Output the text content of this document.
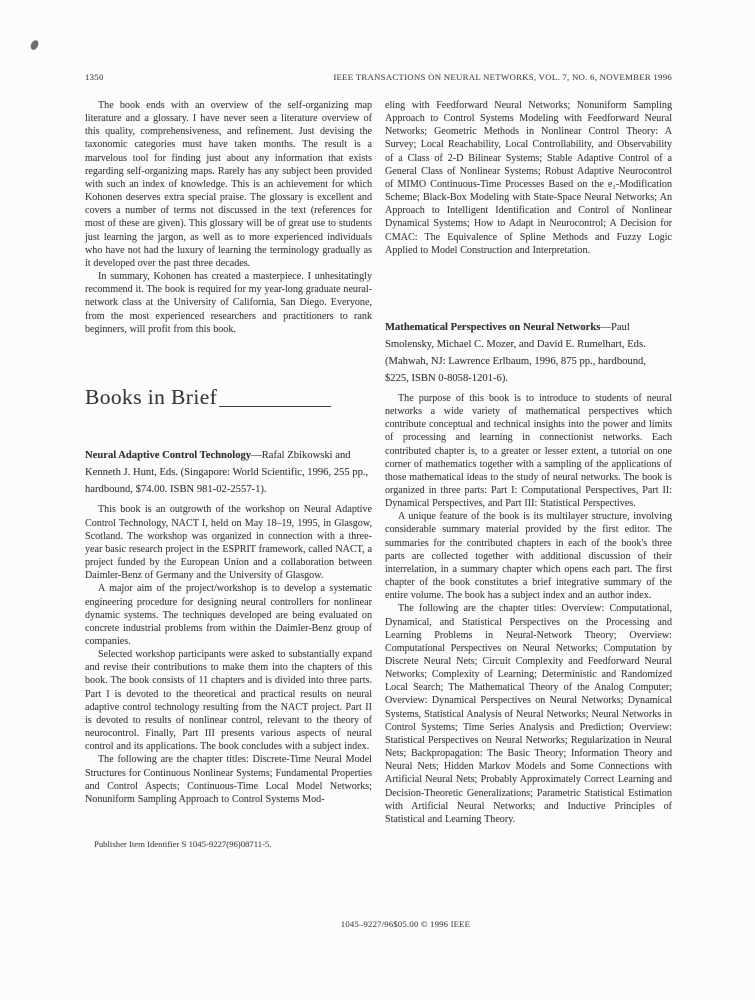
1350	IEEE TRANSACTIONS ON NEURAL NETWORKS, VOL. 7, NO. 6, NOVEMBER 1996

The book ends with an overview of the self-organizing map literature and a glossary. I have never seen a literature overview of this quality, comprehensiveness, and refinement. Just devising the taxonomic categories must have taken months. The result is a marvelous tool for finding just about any information that exists regarding self-organizing maps. Rarely has any subject been provided with such an index of knowledge. This is an achievement for which Kohonen deserves extra special praise. The glossary is excellent and covers a number of terms not discussed in the text (references for most of these are given). This glossary will be of great use to students just learning the jargon, as well as to more experienced individuals who have not had the luxury of learning the terminology gradually as it developed over the past three decades.

In summary, Kohonen has created a masterpiece. I unhesitatingly recommend it. The book is required for my year-long graduate neural-network class at the University of California, San Diego. Everyone, from the most experienced researchers and practitioners to rank beginners, will profit from this book.

Books in Brief

Neural Adaptive Control Technology—Rafal Zbikowski and Kenneth J. Hunt, Eds. (Singapore: World Scientific, 1996, 255 pp., hardbound, $74.00. ISBN 981-02-2557-1).

This book is an outgrowth of the workshop on Neural Adaptive Control Technology, NACT I, held on May 18–19, 1995, in Glasgow, Scotland. The workshop was organized in connection with a three-year basic research project in the ESPRIT framework, called NACT, a project funded by the European Union and a collaboration between Daimler-Benz of Germany and the University of Glasgow.

A major aim of the project/workshop is to develop a systematic engineering procedure for designing neural controllers for nonlinear dynamic systems. The techniques developed are being evaluated on concrete industrial problems from within the Daimler-Benz group of companies.

Selected workshop participants were asked to substantially expand and revise their contributions to make them into the chapters of this book. The book consists of 11 chapters and is divided into three parts. Part I is devoted to the theoretical and practical results on neural adaptive control technology resulting from the NACT project. Part II is devoted to results of nonlinear control, relevant to the theory of neurocontrol. Finally, Part III presents various aspects of neural control and its applications. The book concludes with a subject index.

The following are the chapter titles: Discrete-Time Neural Model Structures for Continuous Nonlinear Systems; Fundamental Properties and Control Aspects; Continuous-Time Local Model Networks; Nonuniform Sampling Approach to Control Systems Mod-

eling with Feedforward Neural Networks; Nonuniform Sampling Approach to Control Systems Modeling with Feedforward Neural Networks; Geometric Methods in Nonlinear Control Theory: A Survey; Local Reachability, Local Controllability, and Observability of a Class of 2-D Bilinear Systems; Stable Adaptive Control of a General Class of Nonlinear Systems; Robust Adaptive Neurocontrol of MIMO Continuous-Time Processes Based on the e₁-Modification Scheme; Black-Box Modeling with State-Space Neural Networks; An Approach to Intelligent Identification and Control of Nonlinear Dynamical Systems; How to Adapt in Neurocontrol; A Decision for CMAC: The Equivalence of Spline Methods and Fuzzy Logic Applied to Model Construction and Interpretation.

Mathematical Perspectives on Neural Networks—Paul Smolensky, Michael C. Mozer, and David E. Rumelhart, Eds. (Mahwah, NJ: Lawrence Erlbaum, 1996, 875 pp., hardbound, $225, ISBN 0-8058-1201-6).

The purpose of this book is to introduce to students of neural networks a wide variety of mathematical perspectives which contribute conceptual and technical insights into the power and limits of processing and learning in connectionist networks. Each contributed chapter is, to a greater or lesser extent, a tutorial on one corner of mathematics together with a sampling of the applications of those mathematical ideas to the study of neural networks. The book is organized in three parts: Part I: Computational Perspectives, Part II: Dynamical Perspectives, and Part III: Statistical Perspectives.

A unique feature of the book is its multilayer structure, involving considerable summary material provided by the first editor. The summaries for the contributed chapters in each of the book's three parts are collected together with additional discussion of their interrelation, in a summary chapter which opens each part. The first chapter of the book constitutes a brief integrative summary of the entire volume. The book has a subject index and an author index.

The following are the chapter titles: Overview: Computational, Dynamical, and Statistical Perspectives on the Processing and Learning Problems in Neural-Network Theory; Overview: Computational Perspectives on Neural Networks; Computation by Discrete Neural Nets; Circuit Complexity and Feedforward Neural Networks; Complexity of Learning; Deterministic and Randomized Local Search; The Mathematical Theory of the Analog Computer; Overview: Dynamical Perspectives on Neural Networks; Dynamical Systems, Statistical Analysis of Neural Networks; Neural Networks in Control Systems; Time Series Analysis and Prediction; Overview: Statistical Perspectives on Neural Networks; Regularization in Neural Nets; Backpropagation: The Basic Theory; Information Theory and Neural Nets; Hidden Markov Models and Some Connections with Artificial Neural Nets; Probably Approximately Correct Learning and Decision-Theoretic Generalizations; Parametric Statistical Estimation with Artificial Neural Networks; and Inductive Principles of Statistical and Learning Theory.

Publisher Item Identifier S 1045-9227(96)08711-5.
1045–9227/96$05.00 © 1996 IEEE
